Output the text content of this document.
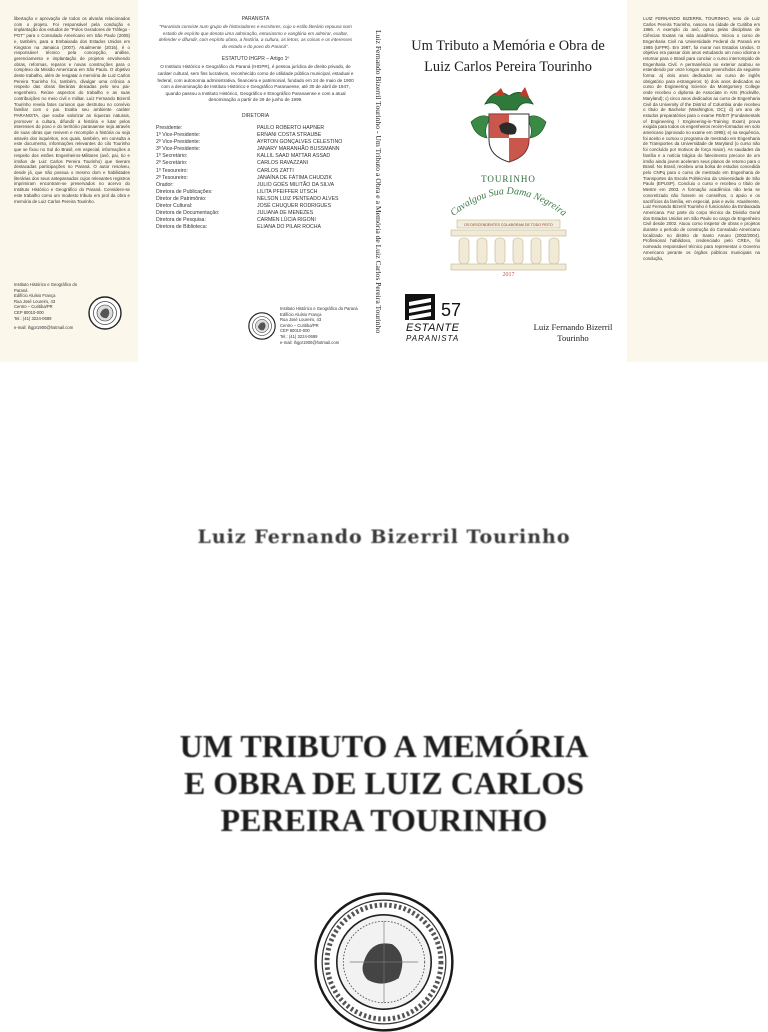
libertação e aprovação de todos os alvarás relacionados com o projeto. Foi responsável pela condução e implantação dos estudos de "Polos Geradores de Tráfego - PGT" para o Consulado Americano em São Paulo (2005) e, também, para a Embaixada dos Estados Unidos em Kingston na Jamaica (2007). Atualmente (2016), é o responsável técnico pela concepção, análise, gerenciamento e implantação de projetos envolvendo obras, reformas, reparos e novas construções para o complexo da Missão Americana em São Paulo. O objetivo deste trabalho, além de resgatar a memória de Luiz Carlos Pereira Tourinho foi, também, divulgar uma crônica a respeito das obras literárias deixadas pelo seu pai-engenheiro. Reúne aspectos do trabalho e as suas contribuições no meio civil e militar. Luiz Fernando Bizerril Tourinho revela fatos curiosos que destrutou no convívio familiar com o pai. Exalta seu ambiente caráter PARANISTA, que soube valorizar as riquezas naturais, promover a cultura, difundir a história e lutar pelos interesses do povo e do território paranaense seja através de suas obras que revivem e recompõe a história ou seja através dos inquéritos, nos quais, também, em consulta a este documento, informações relevantes do cilo Tourinho que se fixou no Sul do Brasil, em especial, informações a respeito dos estões Engenheiros-Militares (avô, pai, tio e irmãos de Luiz Carlos Pereira Tourinho) que tiveram destacadas participações no Paraná. O autor resolveu, desde já, que não possua o mesmo dom e habilidades literárias dos seus antepassados cujos relevantes registros imprimiram encontram-se preservados no acervo do Instituto Histórico e Geográfico do Paraná. Considere-se este trabalho como um modesto tributo em prol da obra e memória de Luiz Carlos Pereira Tourinho.

Instituto Histórico e Geográfico do Paraná
Edifício Aluísio França
Rua José Loureiro, 43
Centro – Curitiba/PR
CEP 80010-000
Tel.: (41) 3224-0689
e-mail: ihgpr1900@hotmail.com
PARANISTA
"Paranista consiste num grupo de historiadores e escritores, cujo o estilo literário repousa num estado de espírito que denota uma admiração, entusiasmo e vanglória em admirar, exaltar, defender e difundir, com espírito ufano, a história, a cultura, as letras, as coisas e os interesses do estado e do povo do Paraná".
ESTATUTO IHGPR – Artigo 1º
O Instituto Histórico e Geográfico do Paraná (IHGPR), é pessoa jurídica de direito privado, de caráter cultural, sem fins lucrativos, reconhecido como de utilidade pública municipal, estadual e federal, com autonomia administrativa, financeira e patrimonial, fundado em 24 de maio de 1900 com a denominação de Instituto Histórico e Geográfico Paranaense, até 30 de abril de 1947, quando passou a Instituto Histórico, Geográfico e Etnográfico Paranaense e com a atual denominação a partir de 29 de junho de 1999.
DIRETORIA
Presidente:	PAULO ROBERTO HAPNER
1º Vice-Presidente:	ERNANI COSTA STRAUBE
2º Vice-Presidente:	AYRTON GONÇALVES CELESTINO
3º Vice-Presidente:	JANARY MARANHÃO BUSSMANN
1º Secretário:	KALLIL SAAD MATTAR ASSAD
2º Secretário:	CARLOS RAVAZZANI
1º Tesoureiro:	CARLOS ZATTI
2º Tesoureiro:	JANAÍNA DE FÁTIMA CHUDZIK
Orador:	JULIO GOÉS MILITÃO DA SILVA
Diretora de Publicações:	LILITA PFEIFFER UTSCH
Diretor de Patrimônio:	NELSON LUIZ PENTEADO ALVES
Diretor Cultural:	JOSÉ CHUQUER RODRIGUES
Diretora de Documentação:	JULIANA DE MENEZES
Diretora de Pesquisa:	CARMEN LÚCIA RIGONI
Diretora de Biblioteca:	ELIANA DO PILAR ROCHA
Instituto Histórico e Geográfico do Paraná
Edifício Aluísio França
Rua José Loureiro, 43
Centro – Curitiba/PR
CEP 80010-000
Tel.: (41) 3224-0689
e-mail: ihgpr1900@hotmail.com
Luiz Fernando Bizerril Tourinho - Um Tributo a Obra e a Memória de Luiz Carlos Pereira Tourinho	Um Tributo a Memória e Obra de
Luiz Carlos Pereira Tourinho
TOURINHO
Cavalgou Sua Dama Negreira
OS DESCENDENTES COLABORAM DE TODO PEITO
2017
57
ESTANTE
PARANISTA
Luiz Fernando Bizerril
Tourinho

LUIZ FERNANDO BIZERRIL TOURINHO, neto de Luiz Carlos Pereira Tourinho, nasceu na cidade de Curitiba em 1966. A exemplo do avô, optou pelas disciplinas de Ciências Exatas na vida acadêmica. Iniciou o curso de Engenharia Civil na Universidade Federal do Paraná em 1985 (UFPR). Em 1987, foi morar nos Estados Unidos. O objetivo era passar dois anos estudando um novo idioma e retornar para o Brasil para concluir o curso interrompido de Engenharia Civil. A permanência no exterior acabou se estendendo por onze longos anos preenchidos da seguinte forma: a) dois anos dedicados ao curso de inglês obrigatório para estrangeiros; b) dois anos dedicados ao curso de Engineering Science da Montgomery College onde recebeu o diploma de Associate in Arts (Rockville, Maryland); c) cinco anos dedicados ao curso de Engenharia Civil da University of the District of Columbia onde recebeu o título de Bachelor (Washington, DC); d) um ano de estudos preparatórios para o exame FE/EIT (Fundamentals of Engineering / Engineering-in-Training Exam) prova exigida para todos os engenheiros recém-formados em solo americano (aprovado no exame em 1995); e) na sequência, foi aceito e cursou o programa de mestrado em Engenharia de Transportes da Universidade de Maryland (o curso não foi concluído por motivos de força maior). As saudades da família e a notícia trágica do falecimento precoce de um irmão ainda jovem aceleram seus planos de retorno para o Brasil. No Brasil, recebeu uma bolsa de estudos concedida pelo CNPq para o curso de mestrado em Engenharia de Transportes da Escola Politécnica da Universidade de São Paulo (EPUSP). Concluiu o curso e recebeu o título de Mestre em 2003. A formação acadêmica não teria se concretizado não fossem os conselhos, o apoio e os sacrifícios da família, em especial, pais e avós. Atualmente, Luiz Fernando Bizerril Tourinho é funcionário da Embaixada Americana. Faz parte do corpo técnico da Divisão Geral dos Estados Unidos em São Paulo no cargo de Engenheiro Civil desde 2002. Atuou como inspetor de obras e projetos durante o período de construção do Consulado Americano localizado no distrito de Santo Amaro (2002/2004). Profissional habilidoso, credenciado pelo CREA, foi nomeado responsável técnico para representar o Governo Americano perante os órgãos públicos municipais na condução,

Luiz Fernando Bizerril Tourinho
UM TRIBUTO A MEMÓRIA
E OBRA DE LUIZ CARLOS
PEREIRA TOURINHO
